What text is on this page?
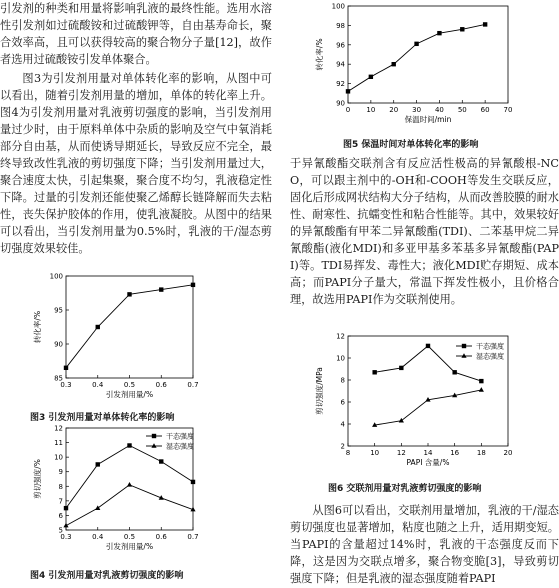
引发剂的种类和用量将影响乳液的最终性能。选用水溶性引发剂如过硫酸铵和过硫酸钾等，自由基寿命长，聚合效率高，且可以获得较高的聚合物分子量[12]，故作者选用过硫酸铵引发单体聚合。

图3为引发剂用量对单体转化率的影响，从图中可以看出，随着引发剂用量的增加，单体的转化率上升。图4为引发剂用量对乳液剪切强度的影响，当引发剂用量过少时，由于原料单体中杂质的影响及空气中氧消耗部分自由基，从而使诱导期延长，导致反应不完全，最终导致改性乳液的剪切强度下降；当引发剂用量过大，聚合速度太快，引起集聚，聚合度不均匀，乳液稳定性下降。过量的引发剂还能使聚乙烯醇长链降解而失去粘性，丧失保护胶体的作用，使乳液凝胶。从图中的结果可以看出，当引发剂用量为0.5%时，乳液的干/湿态剪切强度效果较佳。

于异氰酸酯交联剂含有反应活性极高的异氰酸根-NCO，可以跟主剂中的-OH和-COOH等发生交联反应，固化后形成网状结构大分子结构，从而改善胶膜的耐水性、耐寒性、抗蠕变性和粘合性能等。其中，效果较好的异氰酸酯有甲苯二异氰酸酯(TDI)、二苯基甲烷二异氰酸酯(液化MDI)和多亚甲基多苯基多异氰酸酯(PAPI)等。TDI易挥发、毒性大；液化MDI贮存期短、成本高；而PAPI分子量大，常温下挥发性极小，且价格合理，故选用PAPI作为交联剂使用。

从图6可以看出，交联剂用量增加，乳液的干/湿态剪切强度也显著增加，粘度也随之上升，适用期变短。当PAPI的含量超过14%时，乳液的干态强度反而下降，这是因为交联点增多，聚合物变脆[3]，导致剪切强度下降；但是乳液的湿态强度随着PAPI

0.3	0.4	0.5	0.6	0.7
85
90
95
100
引发剂用量/%
转化率/%
图3 引发剂用量对单体转化率的影响
0.3	0.4	0.5	0.6	0.7
5
6
7
8
9
10
11
12
引发剂用量/%
剪切强度/%
干态强度
湿态强度
图4 引发剂用量对乳液剪切强度的影响
0 10 20 30 40 50 60 70
90
92
94
96
98
100
保温时间/min
转化率/%
图5 保温时间对单体转化率的影响
8	10	12	14	16	18	20
2
4
6
8
10
12
PAPI 含量/%
剪切强度/MPa
干态强度
湿态强度
图6 交联剂用量对乳液剪切强度的影响
